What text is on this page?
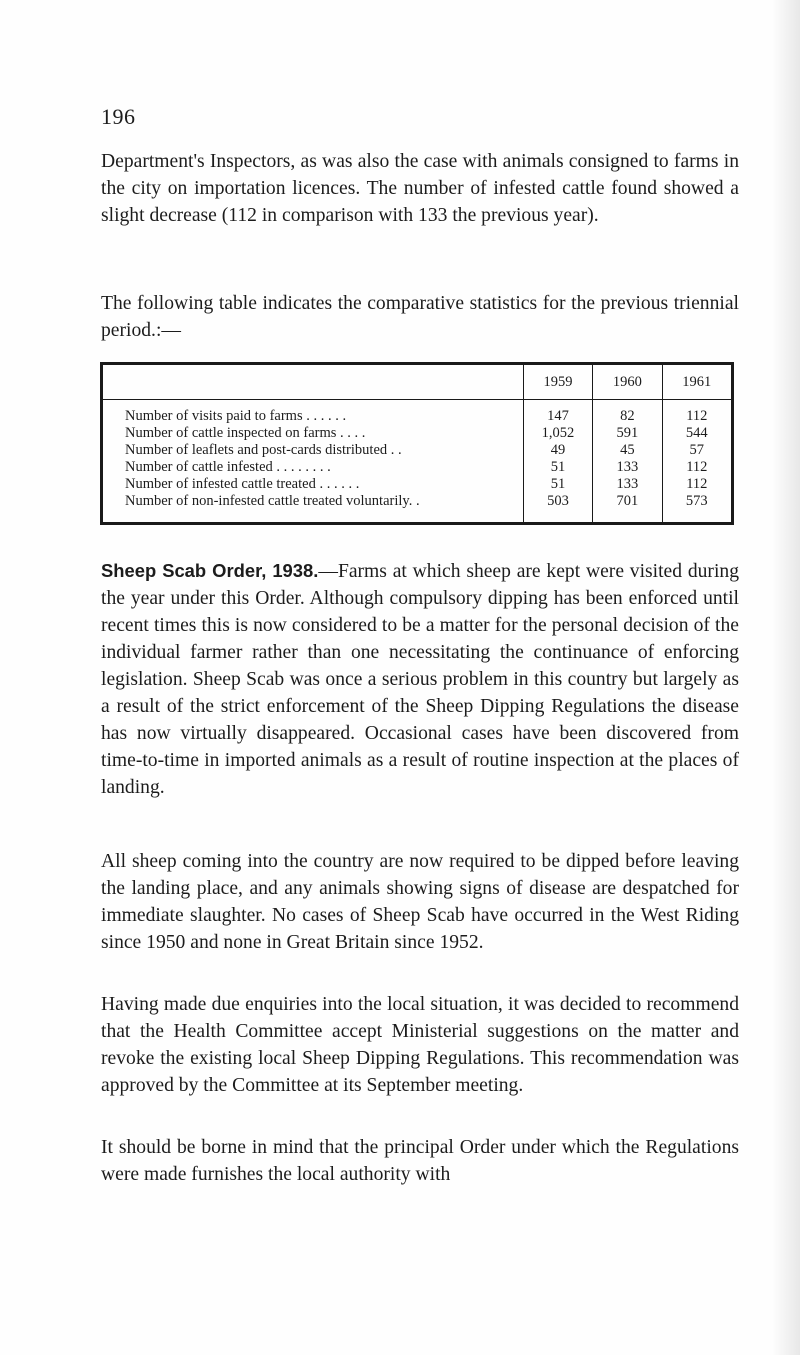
196

Department's Inspectors, as was also the case with animals consigned to farms in the city on importation licences. The number of infested cattle found showed a slight decrease (112 in comparison with 133 the previous year).

The following table indicates the comparative statistics for the previous triennial period.:—

	1959	1960	1961
Number of visits paid to farms . . . . . .	147	82	112
Number of cattle inspected on farms . . . .	1,052	591	544
Number of leaflets and post-cards distributed . .	49	45	57
Number of cattle infested . . . . . . . .	51	133	112
Number of infested cattle treated . . . . . .	51	133	112
Number of non-infested cattle treated voluntarily. .	503	701	573

Sheep Scab Order, 1938.—Farms at which sheep are kept were visited during the year under this Order. Although compulsory dipping has been enforced until recent times this is now considered to be a matter for the personal decision of the individual farmer rather than one necessitating the continuance of enforcing legislation. Sheep Scab was once a serious problem in this country but largely as a result of the strict enforcement of the Sheep Dipping Regulations the disease has now virtually disappeared. Occasional cases have been discovered from time-to-time in imported animals as a result of routine inspection at the places of landing.

All sheep coming into the country are now required to be dipped before leaving the landing place, and any animals showing signs of disease are despatched for immediate slaughter. No cases of Sheep Scab have occurred in the West Riding since 1950 and none in Great Britain since 1952.

Having made due enquiries into the local situation, it was decided to recommend that the Health Committee accept Ministerial suggestions on the matter and revoke the existing local Sheep Dipping Regulations. This recommendation was approved by the Committee at its September meeting.

It should be borne in mind that the principal Order under which the Regulations were made furnishes the local authority with
